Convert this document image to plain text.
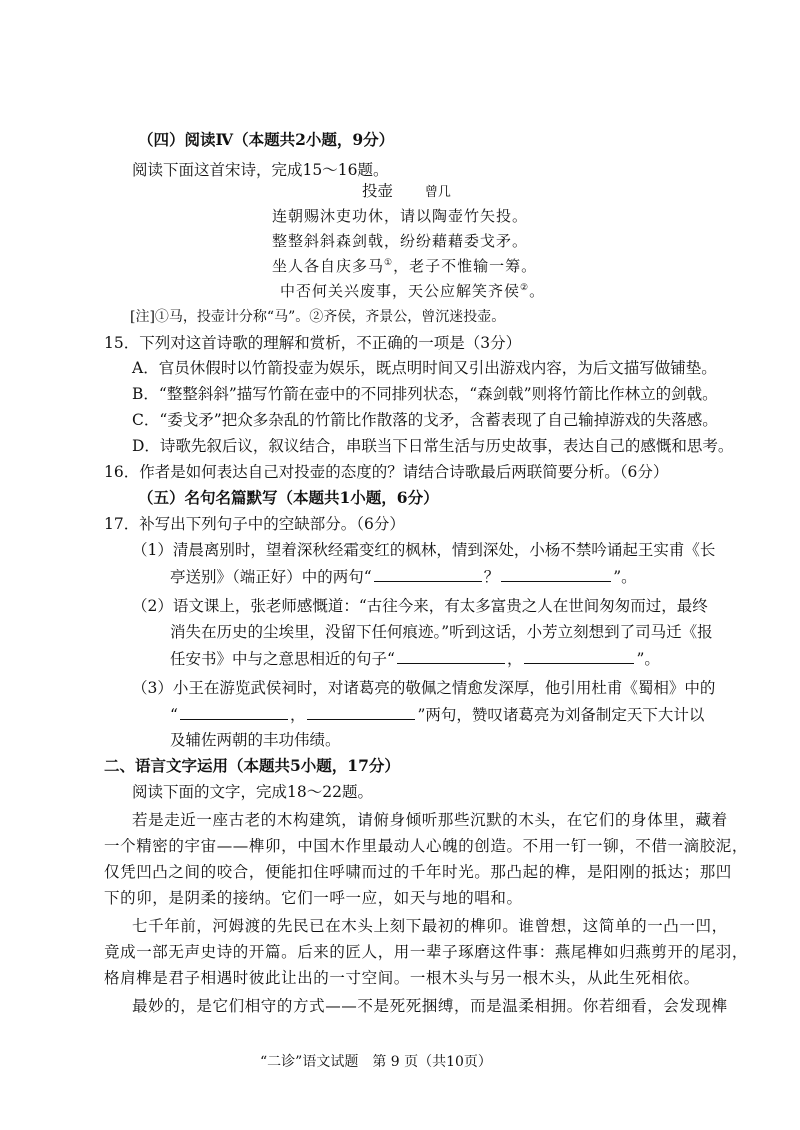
（四）阅读Ⅳ（本题共2小题，9分）
阅读下面这首宋诗，完成15～16题。
投壶 曾几
连朝赐沐吏功休，请以陶壶竹矢投。
整整斜斜森剑戟，纷纷藉藉委戈矛。
坐人各自庆多马①，老子不惟输一筹。
中否何关兴废事，天公应解笑齐侯②。
[注]①马，投壶计分称“马”。②齐侯，齐景公，曾沉迷投壶。
15．下列对这首诗歌的理解和赏析，不正确的一项是（3分）
A．官员休假时以竹箭投壶为娱乐，既点明时间又引出游戏内容，为后文描写做铺垫。
B．“整整斜斜”描写竹箭在壶中的不同排列状态，“森剑戟”则将竹箭比作林立的剑戟。
C．“委戈矛”把众多杂乱的竹箭比作散落的戈矛，含蓄表现了自己输掉游戏的失落感。
D．诗歌先叙后议，叙议结合，串联当下日常生活与历史故事，表达自己的感慨和思考。
16．作者是如何表达自己对投壶的态度的？请结合诗歌最后两联简要分析。（6分）
（五）名句名篇默写（本题共1小题，6分）
17．补写出下列句子中的空缺部分。（6分）
（1）清晨离别时，望着深秋经霜变红的枫林，情到深处，小杨不禁吟诵起王实甫《长
亭送别》（端正好）中的两句“	？	”。
（2）语文课上，张老师感慨道：“古往今来，有太多富贵之人在世间匆匆而过，最终
消失在历史的尘埃里，没留下任何痕迹。”听到这话，小芳立刻想到了司马迁《报
任安书》中与之意思相近的句子“	，	”。
（3）小王在游览武侯祠时，对诸葛亮的敬佩之情愈发深厚，他引用杜甫《蜀相》中的
“	，	”两句，赞叹诸葛亮为刘备制定天下大计以
及辅佐两朝的丰功伟绩。
二、语言文字运用（本题共5小题，17分）
阅读下面的文字，完成18～22题。
若是走近一座古老的木构建筑，请俯身倾听那些沉默的木头，在它们的身体里，藏着
一个精密的宇宙——榫卯，中国木作里最动人心魄的创造。不用一钉一铆，不借一滴胶泥，
仅凭凹凸之间的咬合，便能扣住呼啸而过的千年时光。那凸起的榫，是阳刚的抵达；那凹
下的卯，是阴柔的接纳。它们一呼一应，如天与地的唱和。
七千年前，河姆渡的先民已在木头上刻下最初的榫卯。谁曾想，这简单的一凸一凹，
竟成一部无声史诗的开篇。后来的匠人，用一辈子琢磨这件事：燕尾榫如归燕剪开的尾羽，
格肩榫是君子相遇时彼此让出的一寸空间。一根木头与另一根木头，从此生死相依。
最妙的，是它们相守的方式——不是死死捆缚，而是温柔相拥。你若细看，会发现榫
“二诊”语文试题　第 9 页（共10页）
